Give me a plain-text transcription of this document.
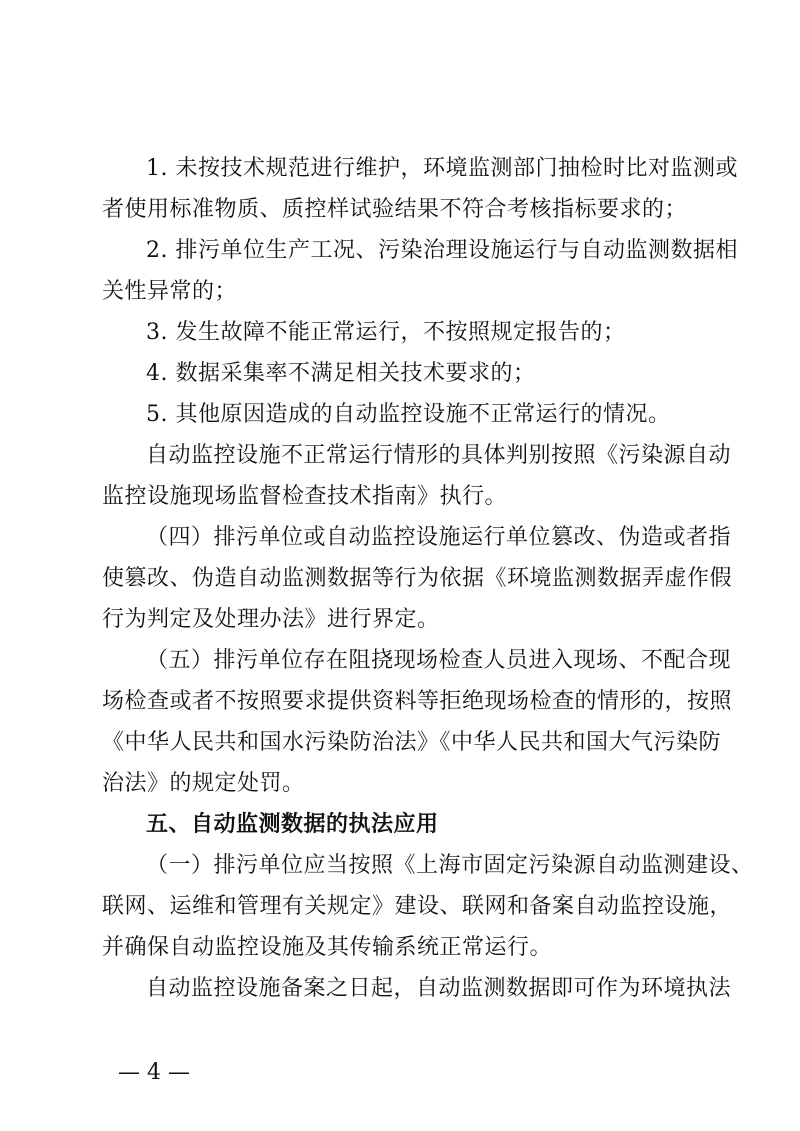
1. 未按技术规范进行维护，环境监测部门抽检时比对监测或
者使用标准物质、质控样试验结果不符合考核指标要求的；
2. 排污单位生产工况、污染治理设施运行与自动监测数据相
关性异常的；
3. 发生故障不能正常运行，不按照规定报告的；
4. 数据采集率不满足相关技术要求的；
5. 其他原因造成的自动监控设施不正常运行的情况。
自动监控设施不正常运行情形的具体判别按照《污染源自动
监控设施现场监督检查技术指南》执行。
（四）排污单位或自动监控设施运行单位篡改、伪造或者指
使篡改、伪造自动监测数据等行为依据《环境监测数据弄虚作假
行为判定及处理办法》进行界定。
（五）排污单位存在阻挠现场检查人员进入现场、不配合现
场检查或者不按照要求提供资料等拒绝现场检查的情形的，按照
《中华人民共和国水污染防治法》《中华人民共和国大气污染防
治法》的规定处罚。
五、自动监测数据的执法应用
（一）排污单位应当按照《上海市固定污染源自动监测建设、
联网、运维和管理有关规定》建设、联网和备案自动监控设施，
并确保自动监控设施及其传输系统正常运行。
自动监控设施备案之日起，自动监测数据即可作为环境执法
— 4 —
